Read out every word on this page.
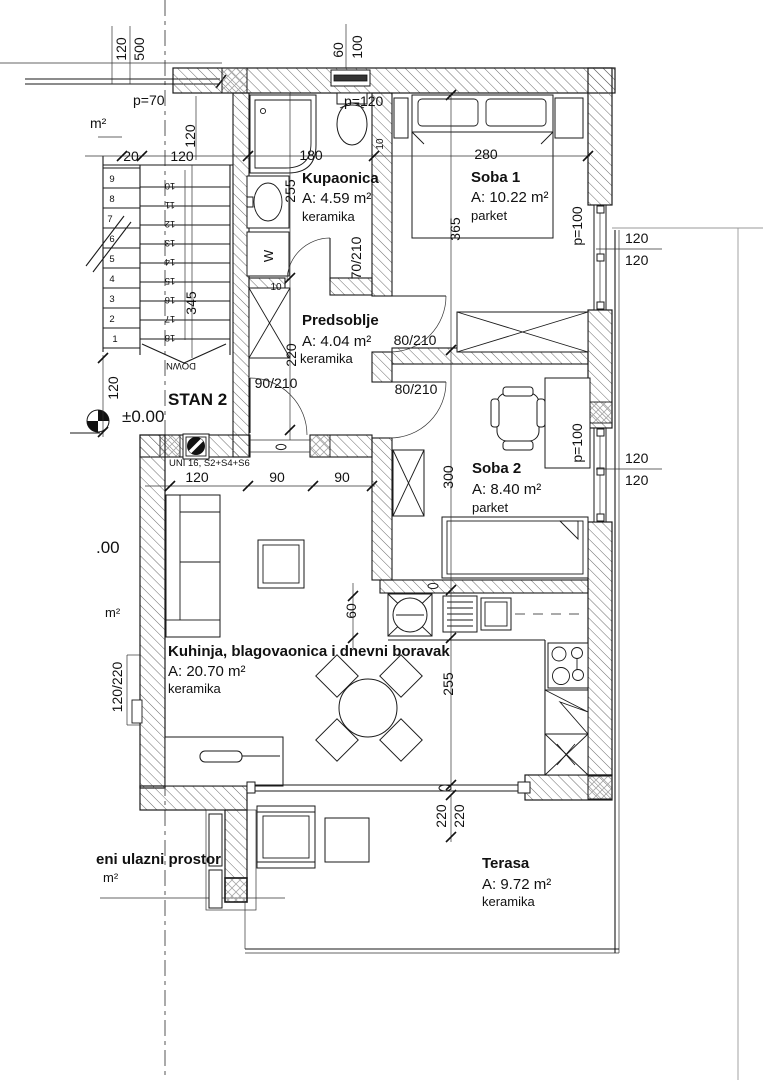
120 500	60 100
p=70	p=120
m²
20 120
120
180	280
255
365	p=100	120
120
345
220
10
10
70/210
90/210
80/210
80/210
120
120	90	90	300
p=100	120
120
60
255
220 220
120/220
Kupaonica
A: 4.59 m²
keramika
Soba 1
A: 10.22 m²
parket
Predsoblje
A: 4.04 m²
keramika
Soba 2
A: 8.40 m²
parket
Kuhinja, blagovaonica i dnevni boravak
A: 20.70 m²
keramika
Terasa
A: 9.72 m²
keramika
eni ulazni prostor
m²
STAN 2
±0.00
.00
m²
UNI 16, S2+S4+S6
W
9
8
7
6
5
4
3
2
1
10
11
12
13
14
15
16
17
18
DOWN
